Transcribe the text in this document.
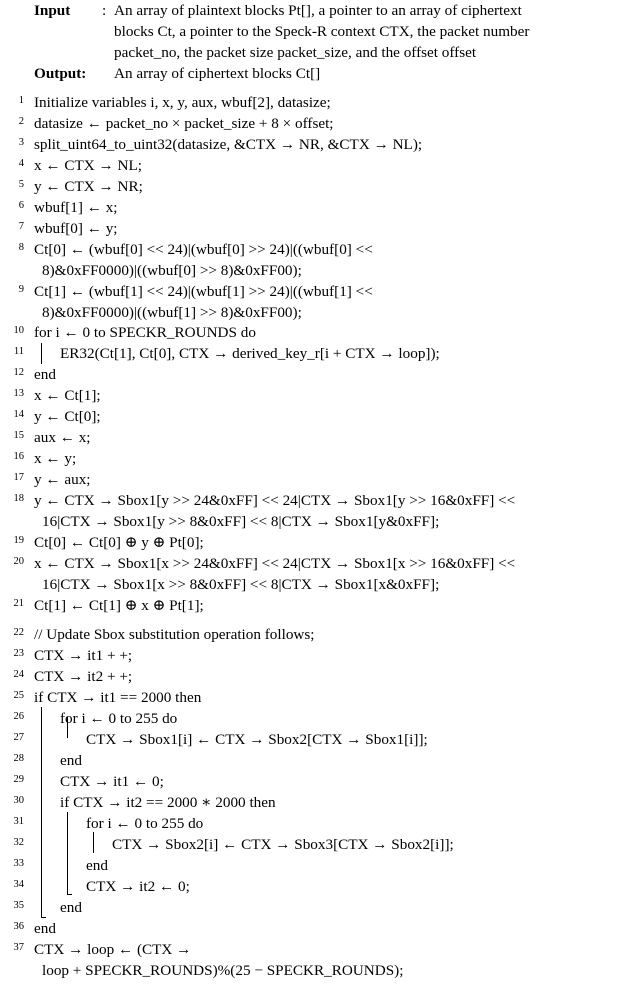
Input : An array of plaintext blocks Pt[], a pointer to an array of ciphertext
blocks Ct, a pointer to the Speck-R context CTX, the packet number
packet_no, the packet size packet_size, and the offset offset
Output: An array of ciphertext blocks Ct[]
1 Initialize variables i, x, y, aux, wbuf[2], datasize;
2 datasize ← packet_no × packet_size + 8 × offset;
3 split_uint64_to_uint32(datasize, &CTX → NR, &CTX → NL);
4 x ← CTX → NL;
5 y ← CTX → NR;
6 wbuf[1] ← x;
7 wbuf[0] ← y;
8 Ct[0] ← (wbuf[0] << 24)|(wbuf[0] >> 24)|((wbuf[0] <<
8)&0xFF0000)|((wbuf[0] >> 8)&0xFF00);
9 Ct[1] ← (wbuf[1] << 24)|(wbuf[1] >> 24)|((wbuf[1] <<
8)&0xFF0000)|((wbuf[1] >> 8)&0xFF00);
10 for i ← 0 to SPECKR_ROUNDS do
11 ER32(Ct[1], Ct[0], CTX → derived_key_r[i + CTX → loop]);
12 end
13 x ← Ct[1];
14 y ← Ct[0];
15 aux ← x;
16 x ← y;
17 y ← aux;
18 y ← CTX → Sbox1[y >> 24&0xFF] << 24|CTX → Sbox1[y >> 16&0xFF] <<
16|CTX → Sbox1[y >> 8&0xFF] << 8|CTX → Sbox1[y&0xFF];
19 Ct[0] ← Ct[0] ⊕ y ⊕ Pt[0];
20 x ← CTX → Sbox1[x >> 24&0xFF] << 24|CTX → Sbox1[x >> 16&0xFF] <<
16|CTX → Sbox1[x >> 8&0xFF] << 8|CTX → Sbox1[x&0xFF];
21 Ct[1] ← Ct[1] ⊕ x ⊕ Pt[1];
22 // Update Sbox substitution operation follows;
23 CTX → it1 + +;
24 CTX → it2 + +;
25 if CTX → it1 == 2000 then
26 for i ← 0 to 255 do
27	CTX → Sbox1[i] ← CTX → Sbox2[CTX → Sbox1[i]];
28 end
29 CTX → it1 ← 0;
30 if CTX → it2 == 2000 ∗ 2000 then
31	for i ← 0 to 255 do
32	CTX → Sbox2[i] ← CTX → Sbox3[CTX → Sbox2[i]];
33	end
34	CTX → it2 ← 0;
35 end
36 end
37 CTX → loop ← (CTX →
loop + SPECKR_ROUNDS)%(25 − SPECKR_ROUNDS);
